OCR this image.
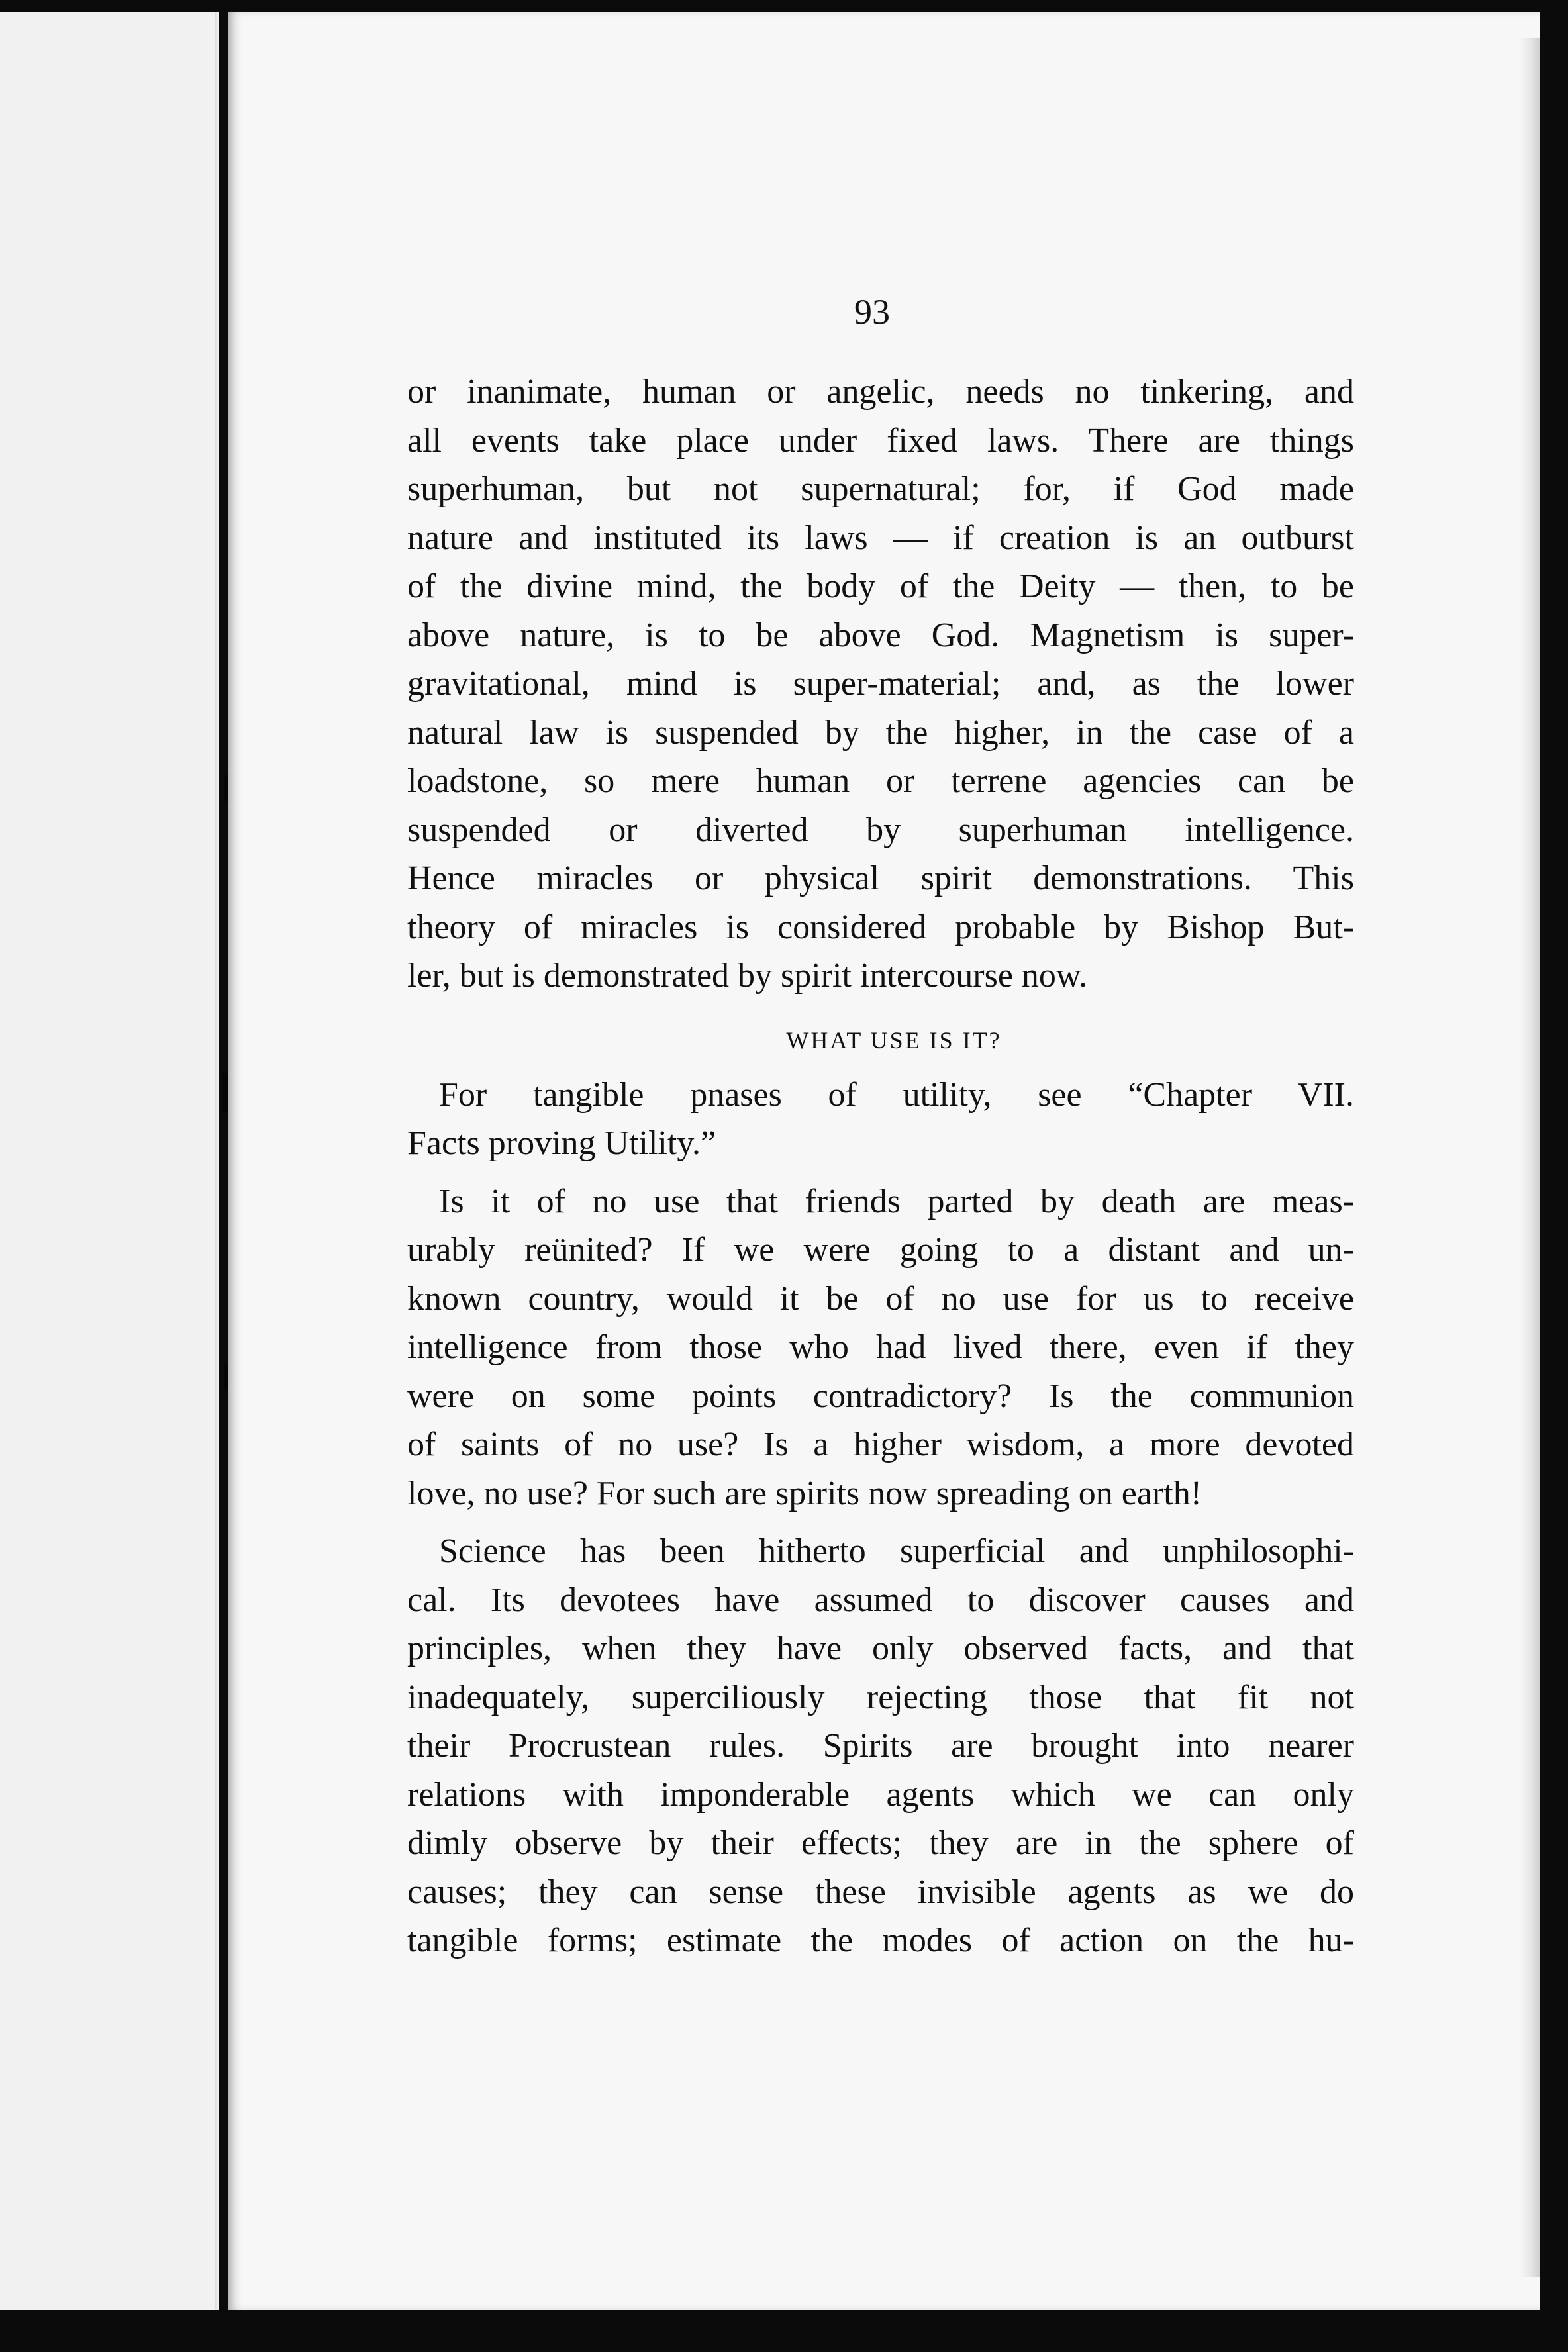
93
or inanimate, human or angelic, needs no tinkering, and
all events take place under fixed laws. There are things
superhuman, but not supernatural; for, if God made
nature and instituted its laws — if creation is an outburst
of the divine mind, the body of the Deity — then, to be
above nature, is to be above God. Magnetism is super-
gravitational, mind is super-material; and, as the lower
natural law is suspended by the higher, in the case of a
loadstone, so mere human or terrene agencies can be
suspended or diverted by superhuman intelligence.
Hence miracles or physical spirit demonstrations. This
theory of miracles is considered probable by Bishop But-
ler, but is demonstrated by spirit intercourse now.
WHAT USE IS IT?
For tangible pnases of utility, see “Chapter VII.
Facts proving Utility.”
Is it of no use that friends parted by death are meas-
urably reünited? If we were going to a distant and un-
known country, would it be of no use for us to receive
intelligence from those who had lived there, even if they
were on some points contradictory? Is the communion
of saints of no use? Is a higher wisdom, a more devoted
love, no use? For such are spirits now spreading on earth!
Science has been hitherto superficial and unphilosophi-
cal. Its devotees have assumed to discover causes and
principles, when they have only observed facts, and that
inadequately, superciliously rejecting those that fit not
their Procrustean rules. Spirits are brought into nearer
relations with imponderable agents which we can only
dimly observe by their effects; they are in the sphere of
causes; they can sense these invisible agents as we do
tangible forms; estimate the modes of action on the hu-
